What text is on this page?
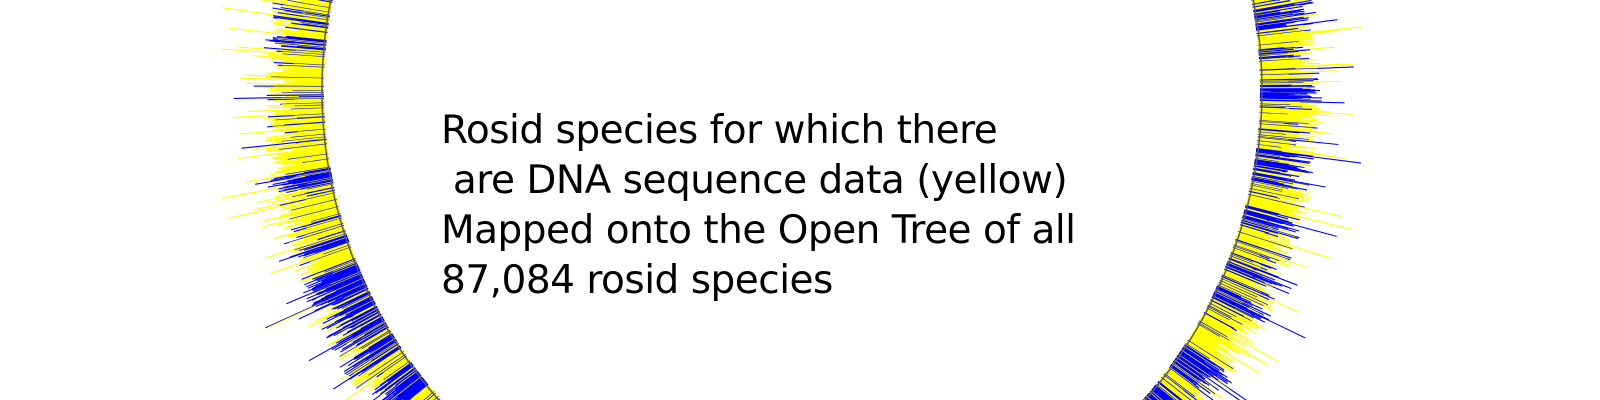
Rosid species for which there
are DNA sequence data (yellow)
Mapped onto the Open Tree of all
87,084 rosid species
